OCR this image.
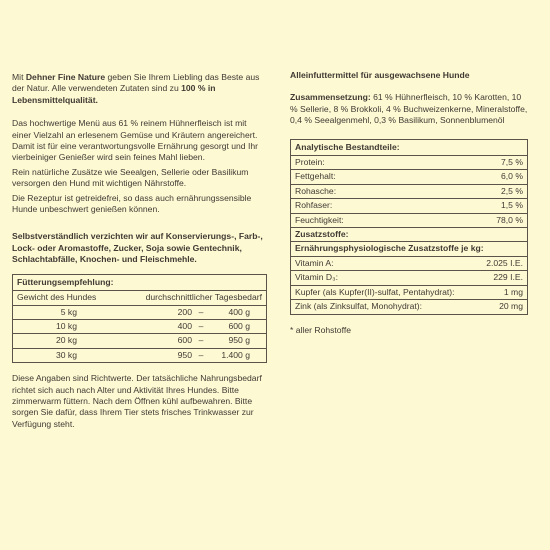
Mit Dehner Fine Nature geben Sie Ihrem Liebling das Beste aus der Natur. Alle verwendeten Zutaten sind zu 100 % in Lebensmittelqualität.

Das hochwertige Menü aus 61 % reinem Hühnerfleisch ist mit einer Vielzahl an erlesenem Gemüse und Kräutern angereichert. Damit ist für eine verantwortungsvolle Ernährung gesorgt und Ihr vierbeiniger Genießer wird sein feines Mahl lieben.

Rein natürliche Zusätze wie Seealgen, Sellerie oder Basilikum versorgen den Hund mit wichtigen Nährstoffe.

Die Rezeptur ist getreidefrei, so dass auch ernährungssensible Hunde unbeschwert genießen können.

Selbstverständlich verzichten wir auf Konservierungs-, Farb-, Lock- oder Aromastoffe, Zucker, Soja sowie Gentechnik, Schlachtabfälle, Knochen- und Fleischmehle.

Fütterungsempfehlung:
Gewicht des Hundes	durchschnittlicher Tagesbedarf
5 kg	200 –	400 g
10 kg	400 –	600 g
20 kg	600 –	950 g
30 kg	950 –	1.400 g

Diese Angaben sind Richtwerte. Der tatsächliche Nahrungsbedarf richtet sich auch nach Alter und Aktivität Ihres Hundes. Bitte zimmerwarm füttern. Nach dem Öffnen kühl aufbewahren. Bitte sorgen Sie dafür, dass Ihrem Tier stets frisches Trinkwasser zur Verfügung steht.

Alleinfuttermittel für ausgewachsene Hunde

Zusammensetzung: 61 % Hühnerfleisch, 10 % Karotten, 10 % Sellerie, 8 % Brokkoli, 4 % Buchweizenkerne, Mineralstoffe, 0,4 % Seealgenmehl, 0,3 % Basilikum, Sonnenblumenöl

Analytische Bestandteile:
Protein:	7,5 %
Fettgehalt:	6,0 %
Rohasche:	2,5 %
Rohfaser:	1,5 %
Feuchtigkeit:	78,0 %
Zusatzstoffe:
Ernährungsphysiologische Zusatzstoffe je kg:
Vitamin A:	2.025 I.E.
Vitamin D₃:	229 I.E.
Kupfer (als Kupfer(II)-sulfat, Pentahydrat):	1 mg
Zink (als Zinksulfat, Monohydrat):	20 mg

* aller Rohstoffe
